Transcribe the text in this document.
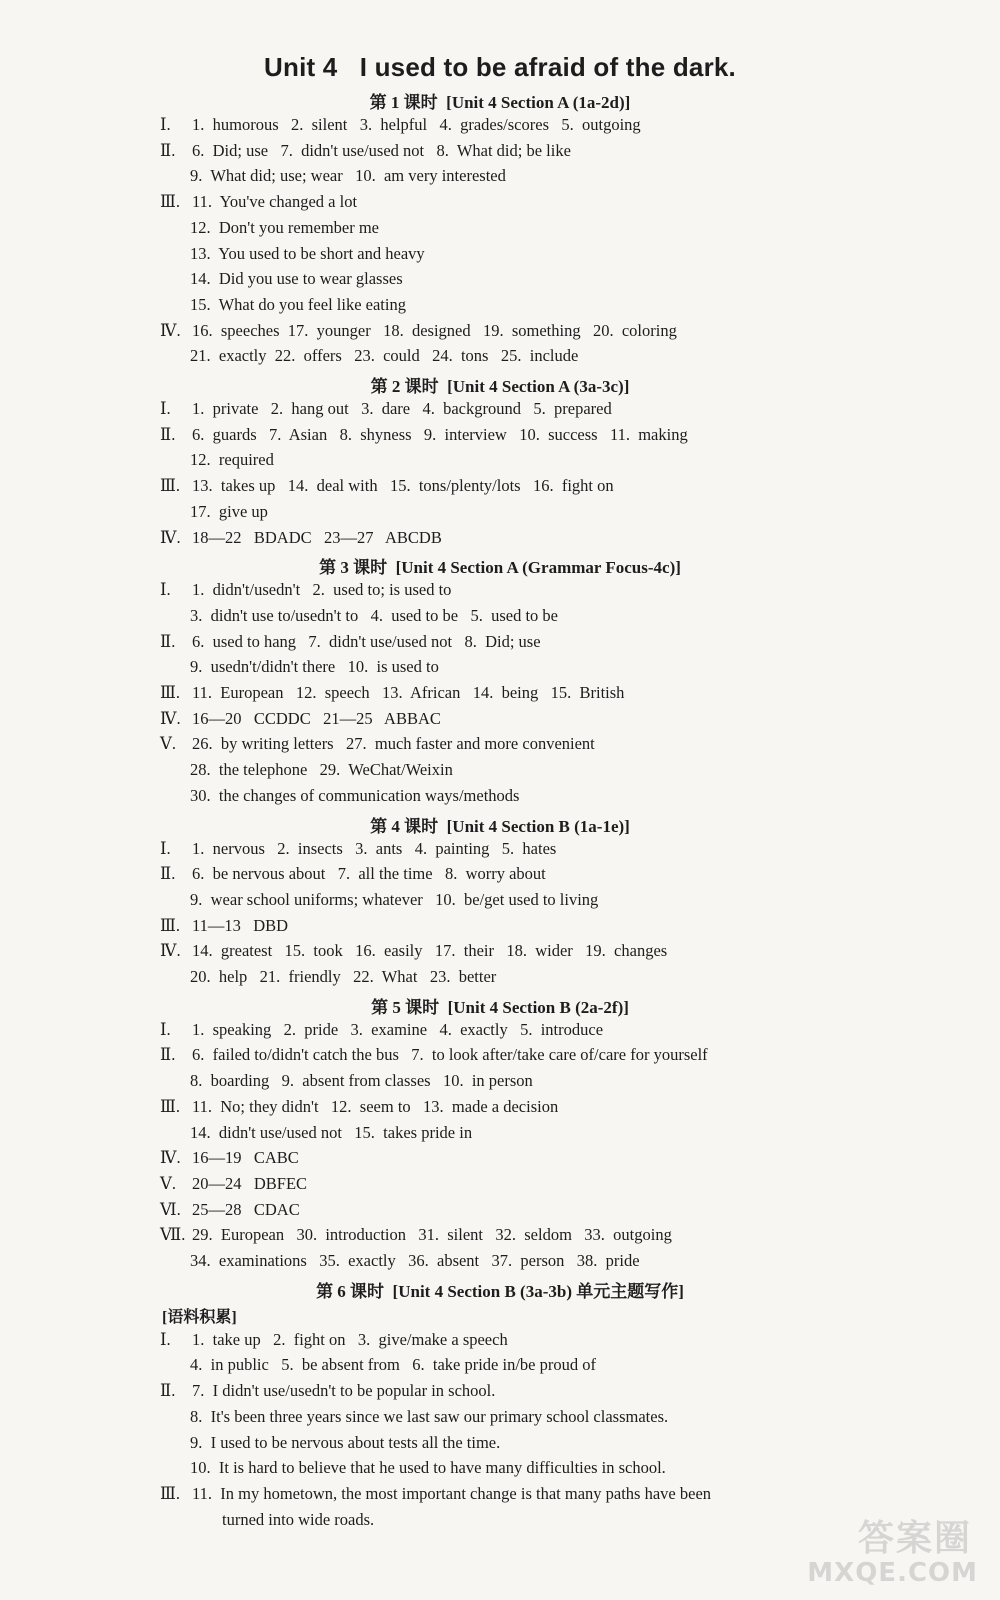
Unit 4   I used to be afraid of the dark.
第 1 课时  [Unit 4 Section A (1a-2d)]
Ⅰ.	1.  humorous   2.  silent   3.  helpful   4.  grades/scores   5.  outgoing
Ⅱ.	6.  Did; use   7.  didn't use/used not   8.  What did; be like
9.  What did; use; wear   10.  am very interested
Ⅲ. 11.  You've changed a lot
12.  Don't you remember me
13.  You used to be short and heavy
14.  Did you use to wear glasses
15.  What do you feel like eating
Ⅳ. 16.  speeches  17.  younger   18.  designed   19.  something   20.  coloring
21.  exactly  22.  offers   23.  could   24.  tons   25.  include
第 2 课时  [Unit 4 Section A (3a-3c)]
Ⅰ.	1.  private   2.  hang out   3.  dare   4.  background   5.  prepared
Ⅱ.	6.  guards   7.  Asian   8.  shyness   9.  interview   10.  success   11.  making
12.  required
Ⅲ. 13.  takes up   14.  deal with   15.  tons/plenty/lots   16.  fight on
17.  give up
Ⅳ. 18—22   BDADC   23—27   ABCDB
第 3 课时  [Unit 4 Section A (Grammar Focus-4c)]
Ⅰ.	1.  didn't/usedn't   2.  used to; is used to
3.  didn't use to/usedn't to   4.  used to be   5.  used to be
Ⅱ.	6.  used to hang   7.  didn't use/used not   8.  Did; use
9.  usedn't/didn't there   10.  is used to
Ⅲ. 11.  European   12.  speech   13.  African   14.  being   15.  British
Ⅳ. 16—20   CCDDC   21—25   ABBAC
Ⅴ. 26.  by writing letters   27.  much faster and more convenient
28.  the telephone   29.  WeChat/Weixin
30.  the changes of communication ways/methods
第 4 课时  [Unit 4 Section B (1a-1e)]
Ⅰ.	1.  nervous   2.  insects   3.  ants   4.  painting   5.  hates
Ⅱ.	6.  be nervous about   7.  all the time   8.  worry about
9.  wear school uniforms; whatever   10.  be/get used to living
Ⅲ. 11—13   DBD
Ⅳ. 14.  greatest   15.  took   16.  easily   17.  their   18.  wider   19.  changes
20.  help   21.  friendly   22.  What   23.  better
第 5 课时  [Unit 4 Section B (2a-2f)]
Ⅰ.	1.  speaking   2.  pride   3.  examine   4.  exactly   5.  introduce
Ⅱ.	6.  failed to/didn't catch the bus   7.  to look after/take care of/care for yourself
8.  boarding   9.  absent from classes   10.  in person
Ⅲ. 11.  No; they didn't   12.  seem to   13.  made a decision
14.  didn't use/used not   15.  takes pride in
Ⅳ. 16—19   CABC
Ⅴ. 20—24   DBFEC
Ⅵ. 25—28   CDAC
Ⅶ. 29.  European   30.  introduction   31.  silent   32.  seldom   33.  outgoing
34.  examinations   35.  exactly   36.  absent   37.  person   38.  pride
第 6 课时  [Unit 4 Section B (3a-3b) 单元主题写作]
[语料积累]
Ⅰ.	1.  take up   2.  fight on   3.  give/make a speech
4.  in public   5.  be absent from   6.  take pride in/be proud of
Ⅱ.	7.  I didn't use/usedn't to be popular in school.
8.  It's been three years since we last saw our primary school classmates.
9.  I used to be nervous about tests all the time.
10.  It is hard to believe that he used to have many difficulties in school.
Ⅲ. 11.  In my hometown, the most important change is that many paths have been
turned into wide roads.	答案圈
MXQE.COM
